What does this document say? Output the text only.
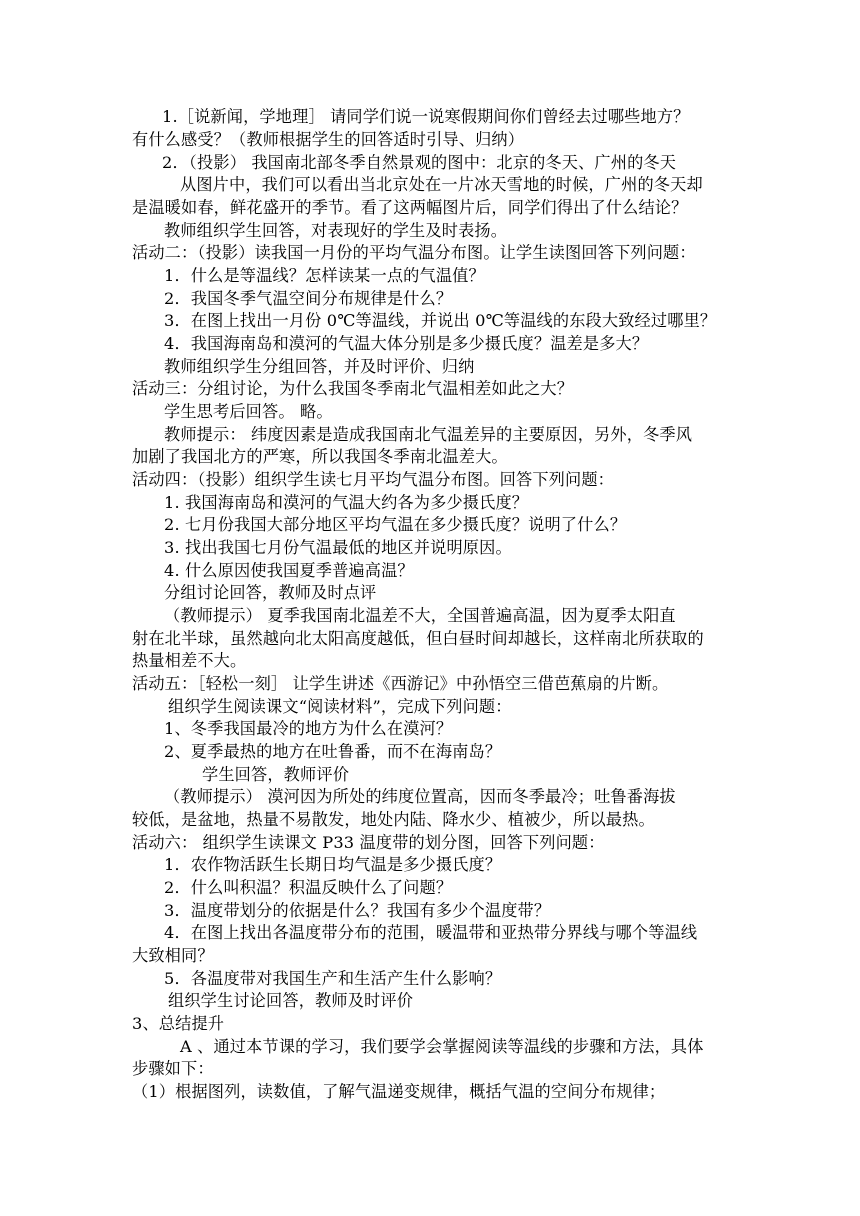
1.［说新闻，学地理］ 请同学们说一说寒假期间你们曾经去过哪些地方？
有什么感受？（教师根据学生的回答适时引导、归纳）
2．（投影） 我国南北部冬季自然景观的图中：北京的冬天、广州的冬天
从图片中，我们可以看出当北京处在一片冰天雪地的时候，广州的冬天却
是温暖如春，鲜花盛开的季节。看了这两幅图片后，同学们得出了什么结论？
教师组织学生回答，对表现好的学生及时表扬。
活动二：（投影）读我国一月份的平均气温分布图。让学生读图回答下列问题：
1．什么是等温线？怎样读某一点的气温值？
2．我国冬季气温空间分布规律是什么？
3．在图上找出一月份 0℃等温线，并说出 0℃等温线的东段大致经过哪里？
4．我国海南岛和漠河的气温大体分别是多少摄氏度？温差是多大？
教师组织学生分组回答，并及时评价、归纳
活动三：分组讨论，为什么我国冬季南北气温相差如此之大？
学生思考后回答。 略。
教师提示： 纬度因素是造成我国南北气温差异的主要原因，另外，冬季风
加剧了我国北方的严寒，所以我国冬季南北温差大。
活动四：（投影）组织学生读七月平均气温分布图。回答下列问题：
1. 我国海南岛和漠河的气温大约各为多少摄氏度？
2. 七月份我国大部分地区平均气温在多少摄氏度？说明了什么？
3. 找出我国七月份气温最低的地区并说明原因。
4. 什么原因使我国夏季普遍高温？
分组讨论回答，教师及时点评
（教师提示） 夏季我国南北温差不大，全国普遍高温，因为夏季太阳直
射在北半球，虽然越向北太阳高度越低，但白昼时间却越长，这样南北所获取的
热量相差不大。
活动五：［轻松一刻］ 让学生讲述《西游记》中孙悟空三借芭蕉扇的片断。
组织学生阅读课文“阅读材料”，完成下列问题：
1、冬季我国最冷的地方为什么在漠河？
2、夏季最热的地方在吐鲁番，而不在海南岛？
学生回答，教师评价
（教师提示） 漠河因为所处的纬度位置高，因而冬季最冷；吐鲁番海拔
较低，是盆地，热量不易散发，地处内陆、降水少、植被少，所以最热。
活动六： 组织学生读课文 P33 温度带的划分图，回答下列问题：
1．农作物活跃生长期日均气温是多少摄氏度？
2．什么叫积温？积温反映什么了问题？
3．温度带划分的依据是什么？我国有多少个温度带？
4．在图上找出各温度带分布的范围，暖温带和亚热带分界线与哪个等温线
大致相同？
5．各温度带对我国生产和生活产生什么影响？
组织学生讨论回答，教师及时评价
3、总结提升
A 、通过本节课的学习，我们要学会掌握阅读等温线的步骤和方法，具体
步骤如下：
（1）根据图列，读数值，了解气温递变规律，概括气温的空间分布规律；
